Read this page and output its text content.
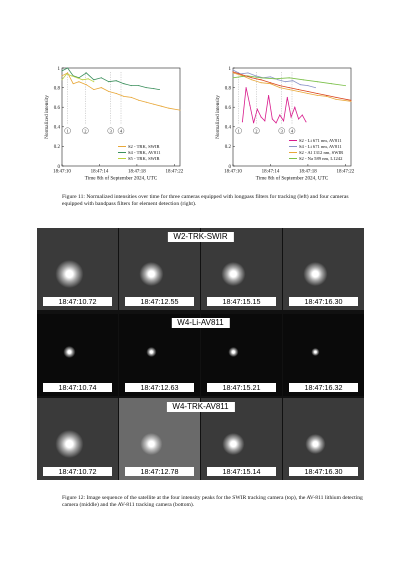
0
0.2
0.4
0.6
0.8
1
18:47:10	18:47:14	18:47:18	18:47:22
Time 8th of September 2024, UTC
Normalized intensity	1	2	3 4
S2 - TRK, SWIR
S4 - TRK, AV811
S5 - TRK, SWIR
0
0.2
0.4
0.6
0.8
1
18:47:10	18:47:14	18:47:18	18:47:22
Time 8th of September 2024, UTC
Normalized intensity	1	2	3 4
S2 - Li 671 nm, AV811
S4 - Li 671 nm, AV811
S2 - Al 1312 nm, SWIR
S2 - Na 589 nm, L1242
Figure 11: Normalized intensities over time for three cameras equipped with longpass filters for tracking (left) and four cameras equipped with bandpass filters for element detection (right).
18:47:10.72	18:47:12.55	18:47:15.15	18:47:16.30
W2-TRK-SWIR
18:47:10.74	18:47:12.63	18:47:15.21	18:47:16.32
W4-Li-AV811
18:47:10.72	18:47:12.78	18:47:15.14	18:47:16.30
W4-TRK-AV811
Figure 12: Image sequence of the satellite at the four intensity peaks for the SWIR tracking camera (top), the AV-811 lithium detecting camera (middle) and the AV-811 tracking camera (bottom).
